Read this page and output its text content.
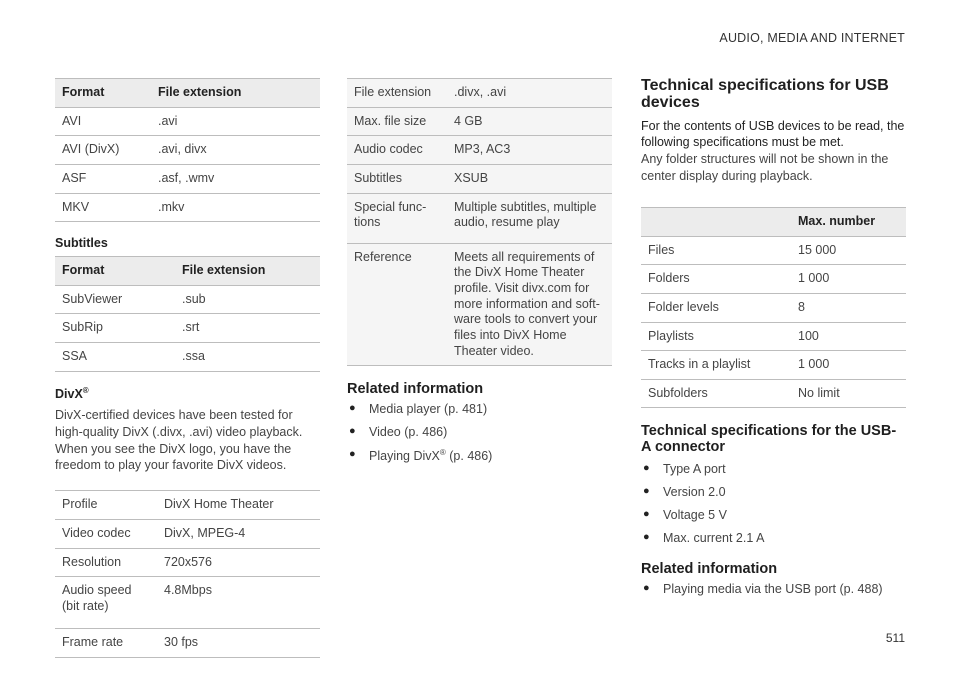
AUDIO, MEDIA AND INTERNET
Format	File extension
AVI	.avi
AVI (DivX)	.avi, divx
ASF	.asf, .wmv
MKV	.mkv
Subtitles
Format	File extension
SubViewer	.sub
SubRip	.srt
SSA	.ssa
DivX®

DivX-certified devices have been tested for high-quality DivX (.divx, .avi) video playback. When you see the DivX logo, you have the freedom to play your favorite DivX videos.

Profile	DivX Home Theater
Video codec	DivX, MPEG-4
Resolution	720x576
Audio speed (bit rate)	4.8Mbps
Frame rate	30 fps
File extension	.divx, .avi
Max. file size	4 GB
Audio codec	MP3, AC3
Subtitles	XSUB
Special func-tions	Multiple subtitles, multiple audio, resume play
Reference	Meets all requirements of the DivX Home Theater profile. Visit divx.com for more information and soft-ware tools to convert your files into DivX Home Theater video.
Related information
● Media player (p. 481)
● Video (p. 486)
● Playing DivX® (p. 486)
Technical specifications for USB devices

For the contents of USB devices to be read, the following specifications must be met.

Any folder structures will not be shown in the center display during playback.

	Max. number
Files	15 000
Folders	1 000
Folder levels	8
Playlists	100
Tracks in a playlist	1 000
Subfolders	No limit
Technical specifications for the USB-A connector
● Type A port
● Version 2.0
● Voltage 5 V
● Max. current 2.1 A
Related information
● Playing media via the USB port (p. 488)
511
